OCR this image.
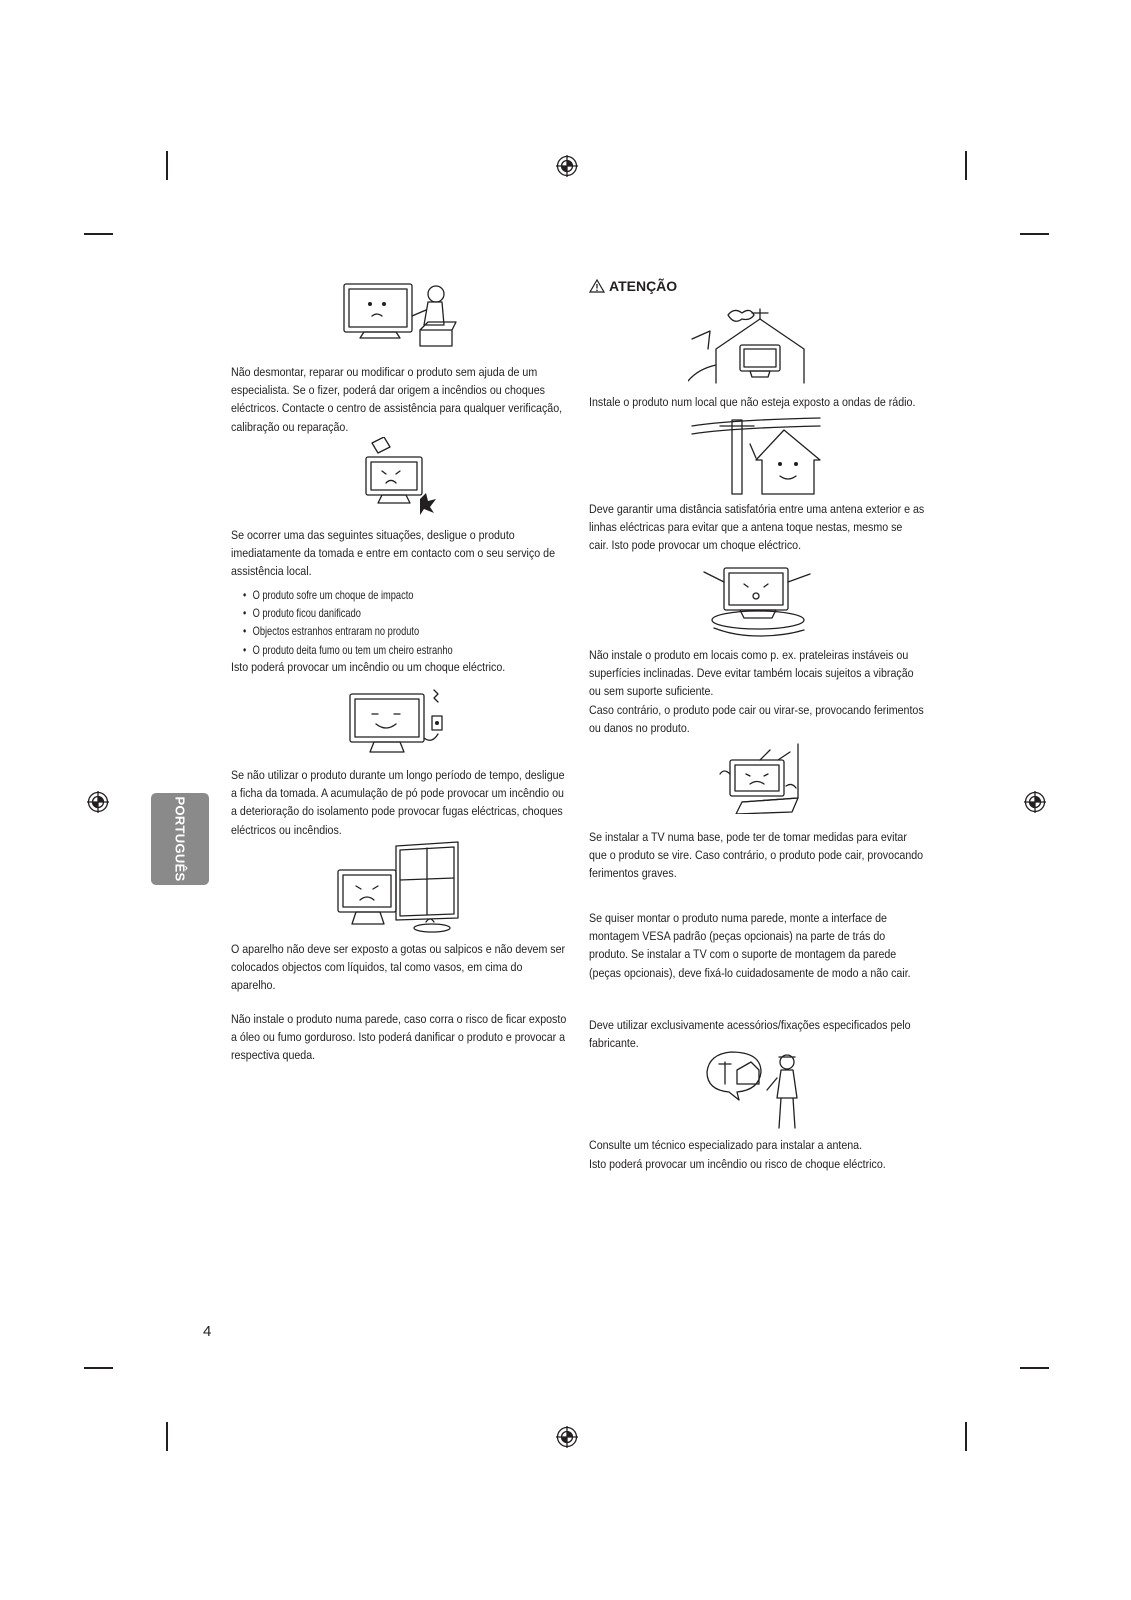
PORTUGUÊS
Não desmontar, reparar ou modificar o produto sem ajuda de um especialista. Se o fizer, poderá dar origem a incêndios ou choques eléctricos. Contacte o centro de assistência para qualquer verificação, calibração ou reparação.
Se ocorrer uma das seguintes situações, desligue o produto imediatamente da tomada e entre em contacto com o seu serviço de assistência local.
• O produto sofre um choque de impacto
• O produto ficou danificado
• Objectos estranhos entraram no produto
• O produto deita fumo ou tem um cheiro estranho
Isto poderá provocar um incêndio ou um choque eléctrico.
Se não utilizar o produto durante um longo período de tempo, desligue a ficha da tomada. A acumulação de pó pode provocar um incêndio ou a deterioração do isolamento pode provocar fugas eléctricas, choques eléctricos ou incêndios.
O aparelho não deve ser exposto a gotas ou salpicos e não devem ser colocados objectos com líquidos, tal como vasos, em cima do aparelho.
Não instale o produto numa parede, caso corra o risco de ficar exposto a óleo ou fumo gorduroso. Isto poderá danificar o produto e provocar a respectiva queda.
ATENÇÃO
Instale o produto num local que não esteja exposto a ondas de rádio.
Deve garantir uma distância satisfatória entre uma antena exterior e as linhas eléctricas para evitar que a antena toque nestas, mesmo se cair. Isto pode provocar um choque eléctrico.
Não instale o produto em locais como p. ex. prateleiras instáveis ou superfícies inclinadas. Deve evitar também locais sujeitos a vibração ou sem suporte suficiente.
Caso contrário, o produto pode cair ou virar-se, provocando ferimentos ou danos no produto.
Se instalar a TV numa base, pode ter de tomar medidas para evitar que o produto se vire. Caso contrário, o produto pode cair, provocando ferimentos graves.
Se quiser montar o produto numa parede, monte a interface de montagem VESA padrão (peças opcionais) na parte de trás do produto. Se instalar a TV com o suporte de montagem da parede (peças opcionais), deve fixá-lo cuidadosamente de modo a não cair.
Deve utilizar exclusivamente acessórios/fixações especificados pelo fabricante.
Consulte um técnico especializado para instalar a antena.
Isto poderá provocar um incêndio ou risco de choque eléctrico.
4
